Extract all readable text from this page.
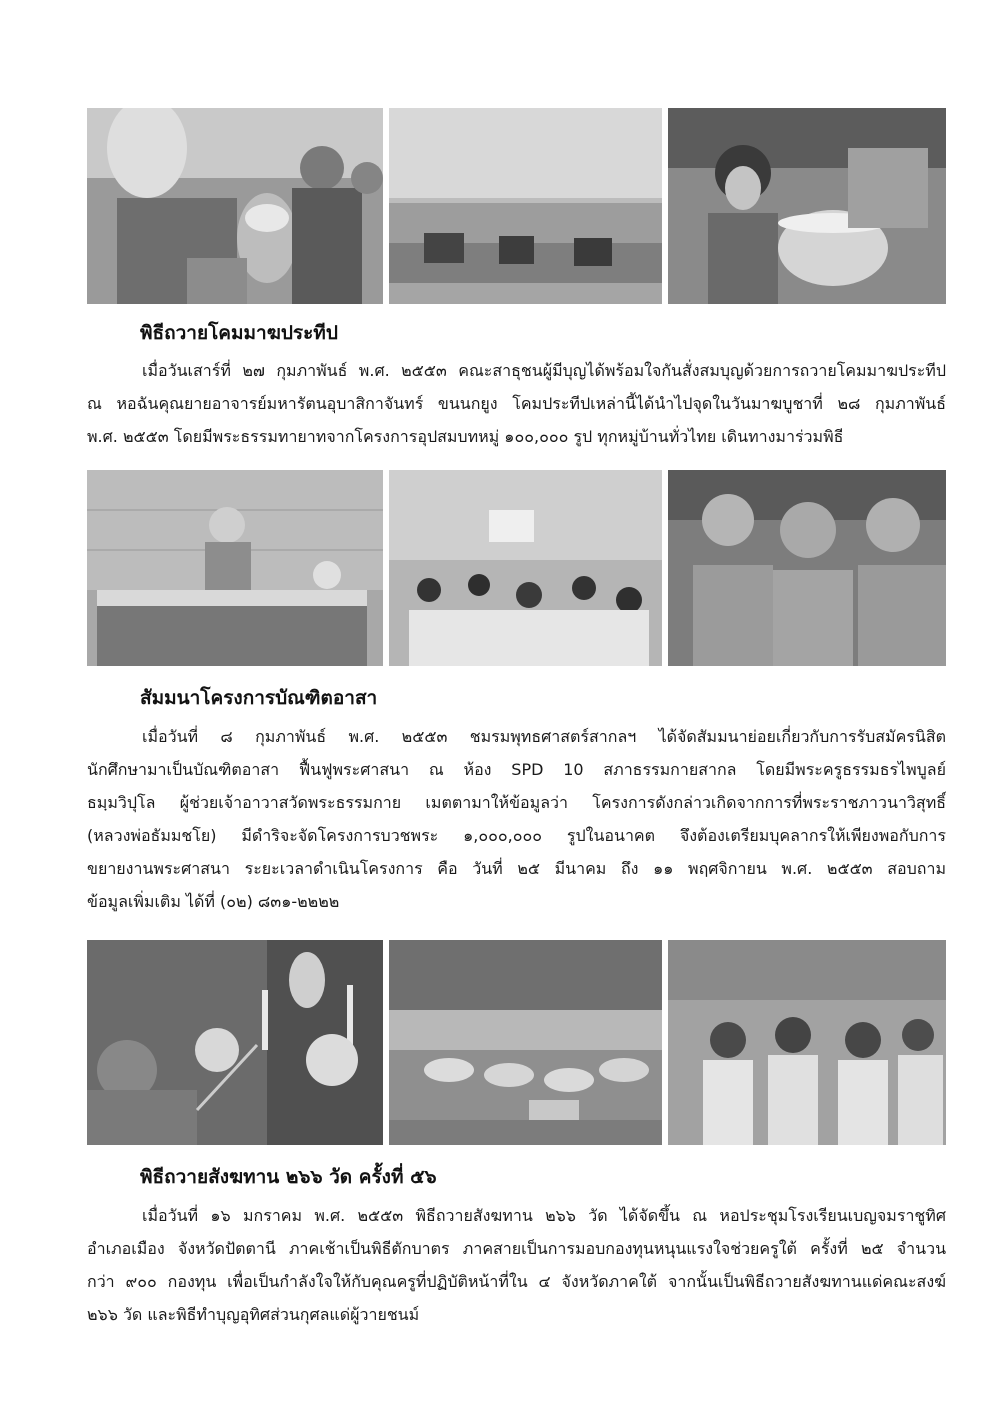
พิธีถวายโคมมาฆประทีป
เมื่อวันเสาร์ที่ ๒๗ กุมภาพันธ์ พ.ศ. ๒๕๕๓ คณะสาธุชนผู้มีบุญได้พร้อมใจกันสั่งสมบุญด้วยการถวายโคมมาฆประทีป
ณ หอฉันคุณยายอาจารย์มหารัตนอุบาสิกาจันทร์ ขนนกยูง โคมประทีปเหล่านี้ได้นำไปจุดในวันมาฆบูชาที่ ๒๘ กุมภาพันธ์
พ.ศ. ๒๕๕๓ โดยมีพระธรรมทายาทจากโครงการอุปสมบทหมู่ ๑๐๐,๐๐๐ รูป ทุกหมู่บ้านทั่วไทย เดินทางมาร่วมพิธี
สัมมนาโครงการบัณฑิตอาสา
เมื่อวันที่ ๘ กุมภาพันธ์ พ.ศ. ๒๕๕๓ ชมรมพุทธศาสตร์สากลฯ ได้จัดสัมมนาย่อยเกี่ยวกับการรับสมัครนิสิต
นักศึกษามาเป็นบัณฑิตอาสา ฟื้นฟูพระศาสนา ณ ห้อง SPD 10 สภาธรรมกายสากล โดยมีพระครูธรรมธรไพบูลย์
ธมฺมวิปุโล ผู้ช่วยเจ้าอาวาสวัดพระธรรมกาย เมตตามาให้ข้อมูลว่า โครงการดังกล่าวเกิดจากการที่พระราชภาวนาวิสุทธิ์
(หลวงพ่อธัมมชโย) มีดำริจะจัดโครงการบวชพระ ๑,๐๐๐,๐๐๐ รูปในอนาคต จึงต้องเตรียมบุคลากรให้เพียงพอกับการ
ขยายงานพระศาสนา ระยะเวลาดำเนินโครงการ คือ วันที่ ๒๕ มีนาคม ถึง ๑๑ พฤศจิกายน พ.ศ. ๒๕๕๓ สอบถาม
ข้อมูลเพิ่มเติม ได้ที่ (๐๒) ๘๓๑-๒๒๒๒
พิธีถวายสังฆทาน ๒๖๖ วัด ครั้งที่ ๕๖
เมื่อวันที่ ๑๖ มกราคม พ.ศ. ๒๕๕๓ พิธีถวายสังฆทาน ๒๖๖ วัด ได้จัดขึ้น ณ หอประชุมโรงเรียนเบญจมราชูทิศ
อำเภอเมือง จังหวัดปัตตานี ภาคเช้าเป็นพิธีตักบาตร ภาคสายเป็นการมอบกองทุนหนุนแรงใจช่วยครูใต้ ครั้งที่ ๒๕ จำนวน
กว่า ๙๐๐ กองทุน เพื่อเป็นกำลังใจให้กับคุณครูที่ปฏิบัติหน้าที่ใน ๔ จังหวัดภาคใต้ จากนั้นเป็นพิธีถวายสังฆทานแด่คณะสงฆ์
๒๖๖ วัด และพิธีทำบุญอุทิศส่วนกุศลแด่ผู้วายชนม์
